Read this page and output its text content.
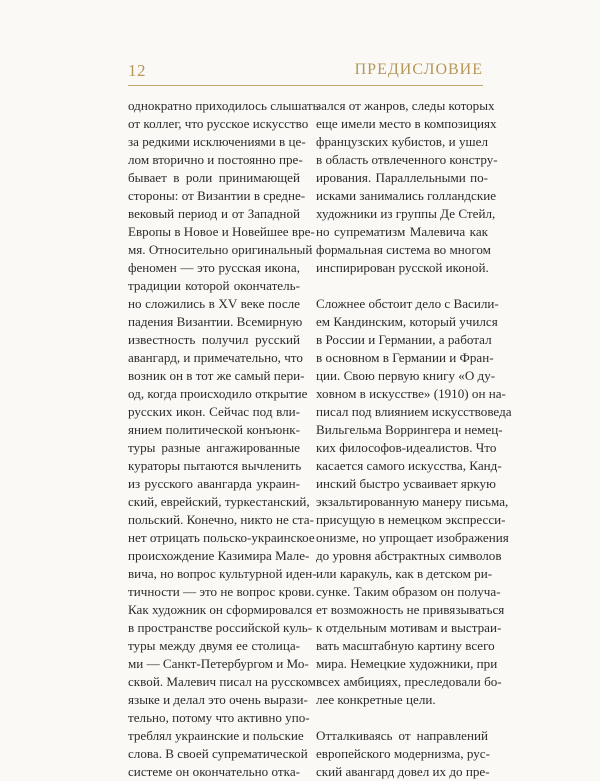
12	ПРЕДИСЛОВИЕ
однократно приходилось слышать
от коллег, что русское искусство
за редкими исключениями в це-
лом вторично и постоянно пре-
бывает в роли принимающей
стороны: от Византии в средне-
вековый период и от Западной
Европы в Новое и Новейшее вре-
мя. Относительно оригинальный
феномен — это русская икона,
традиции которой окончатель-
но сложились в XV веке после
падения Византии. Всемирную
известность получил русский
авангард, и примечательно, что
возник он в тот же самый пери-
од, когда происходило открытие
русских икон. Сейчас под вли-
янием политической конъюнк-
туры разные ангажированные
кураторы пытаются вычленить
из русского авангарда украин-
ский, еврейский, туркестанский,
польский. Конечно, никто не ста-
нет отрицать польско-украинское
происхождение Казимира Мале-
вича, но вопрос культурной иден-
тичности — это не вопрос крови.
Как художник он сформировался
в пространстве российской куль-
туры между двумя ее столица-
ми — Санкт-Петербургом и Мо-
сквой. Малевич писал на русском
языке и делал это очень вырази-
тельно, потому что активно упо-
треблял украинские и польские
слова. В своей супрематической
системе он окончательно отка-
зался от жанров, следы которых
еще имели место в композициях
французских кубистов, и ушел
в область отвлеченного констру-
ирования. Параллельными по-
исками занимались голландские
художники из группы Де Стейл,
но супрематизм Малевича как
формальная система во многом
инспирирован русской иконой.
Сложнее обстоит дело с Васили-
ем Кандинским, который учился
в России и Германии, а работал
в основном в Германии и Фран-
ции. Свою первую книгу «О ду-
ховном в искусстве» (1910) он на-
писал под влиянием искусствоведа
Вильгельма Воррингера и немец-
ких философов-идеалистов. Что
касается самого искусства, Канд-
инский быстро усваивает яркую
экзальтированную манеру письма,
присущую в немецком экспресси-
онизме, но упрощает изображения
до уровня абстрактных символов
или каракуль, как в детском ри-
сунке. Таким образом он получа-
ет возможность не привязываться
к отдельным мотивам и выстраи-
вать масштабную картину всего
мира. Немецкие художники, при
всех амбициях, преследовали бо-
лее конкретные цели.
Отталкиваясь от направлений
европейского модернизма, рус-
ский авангард довел их до пре-
